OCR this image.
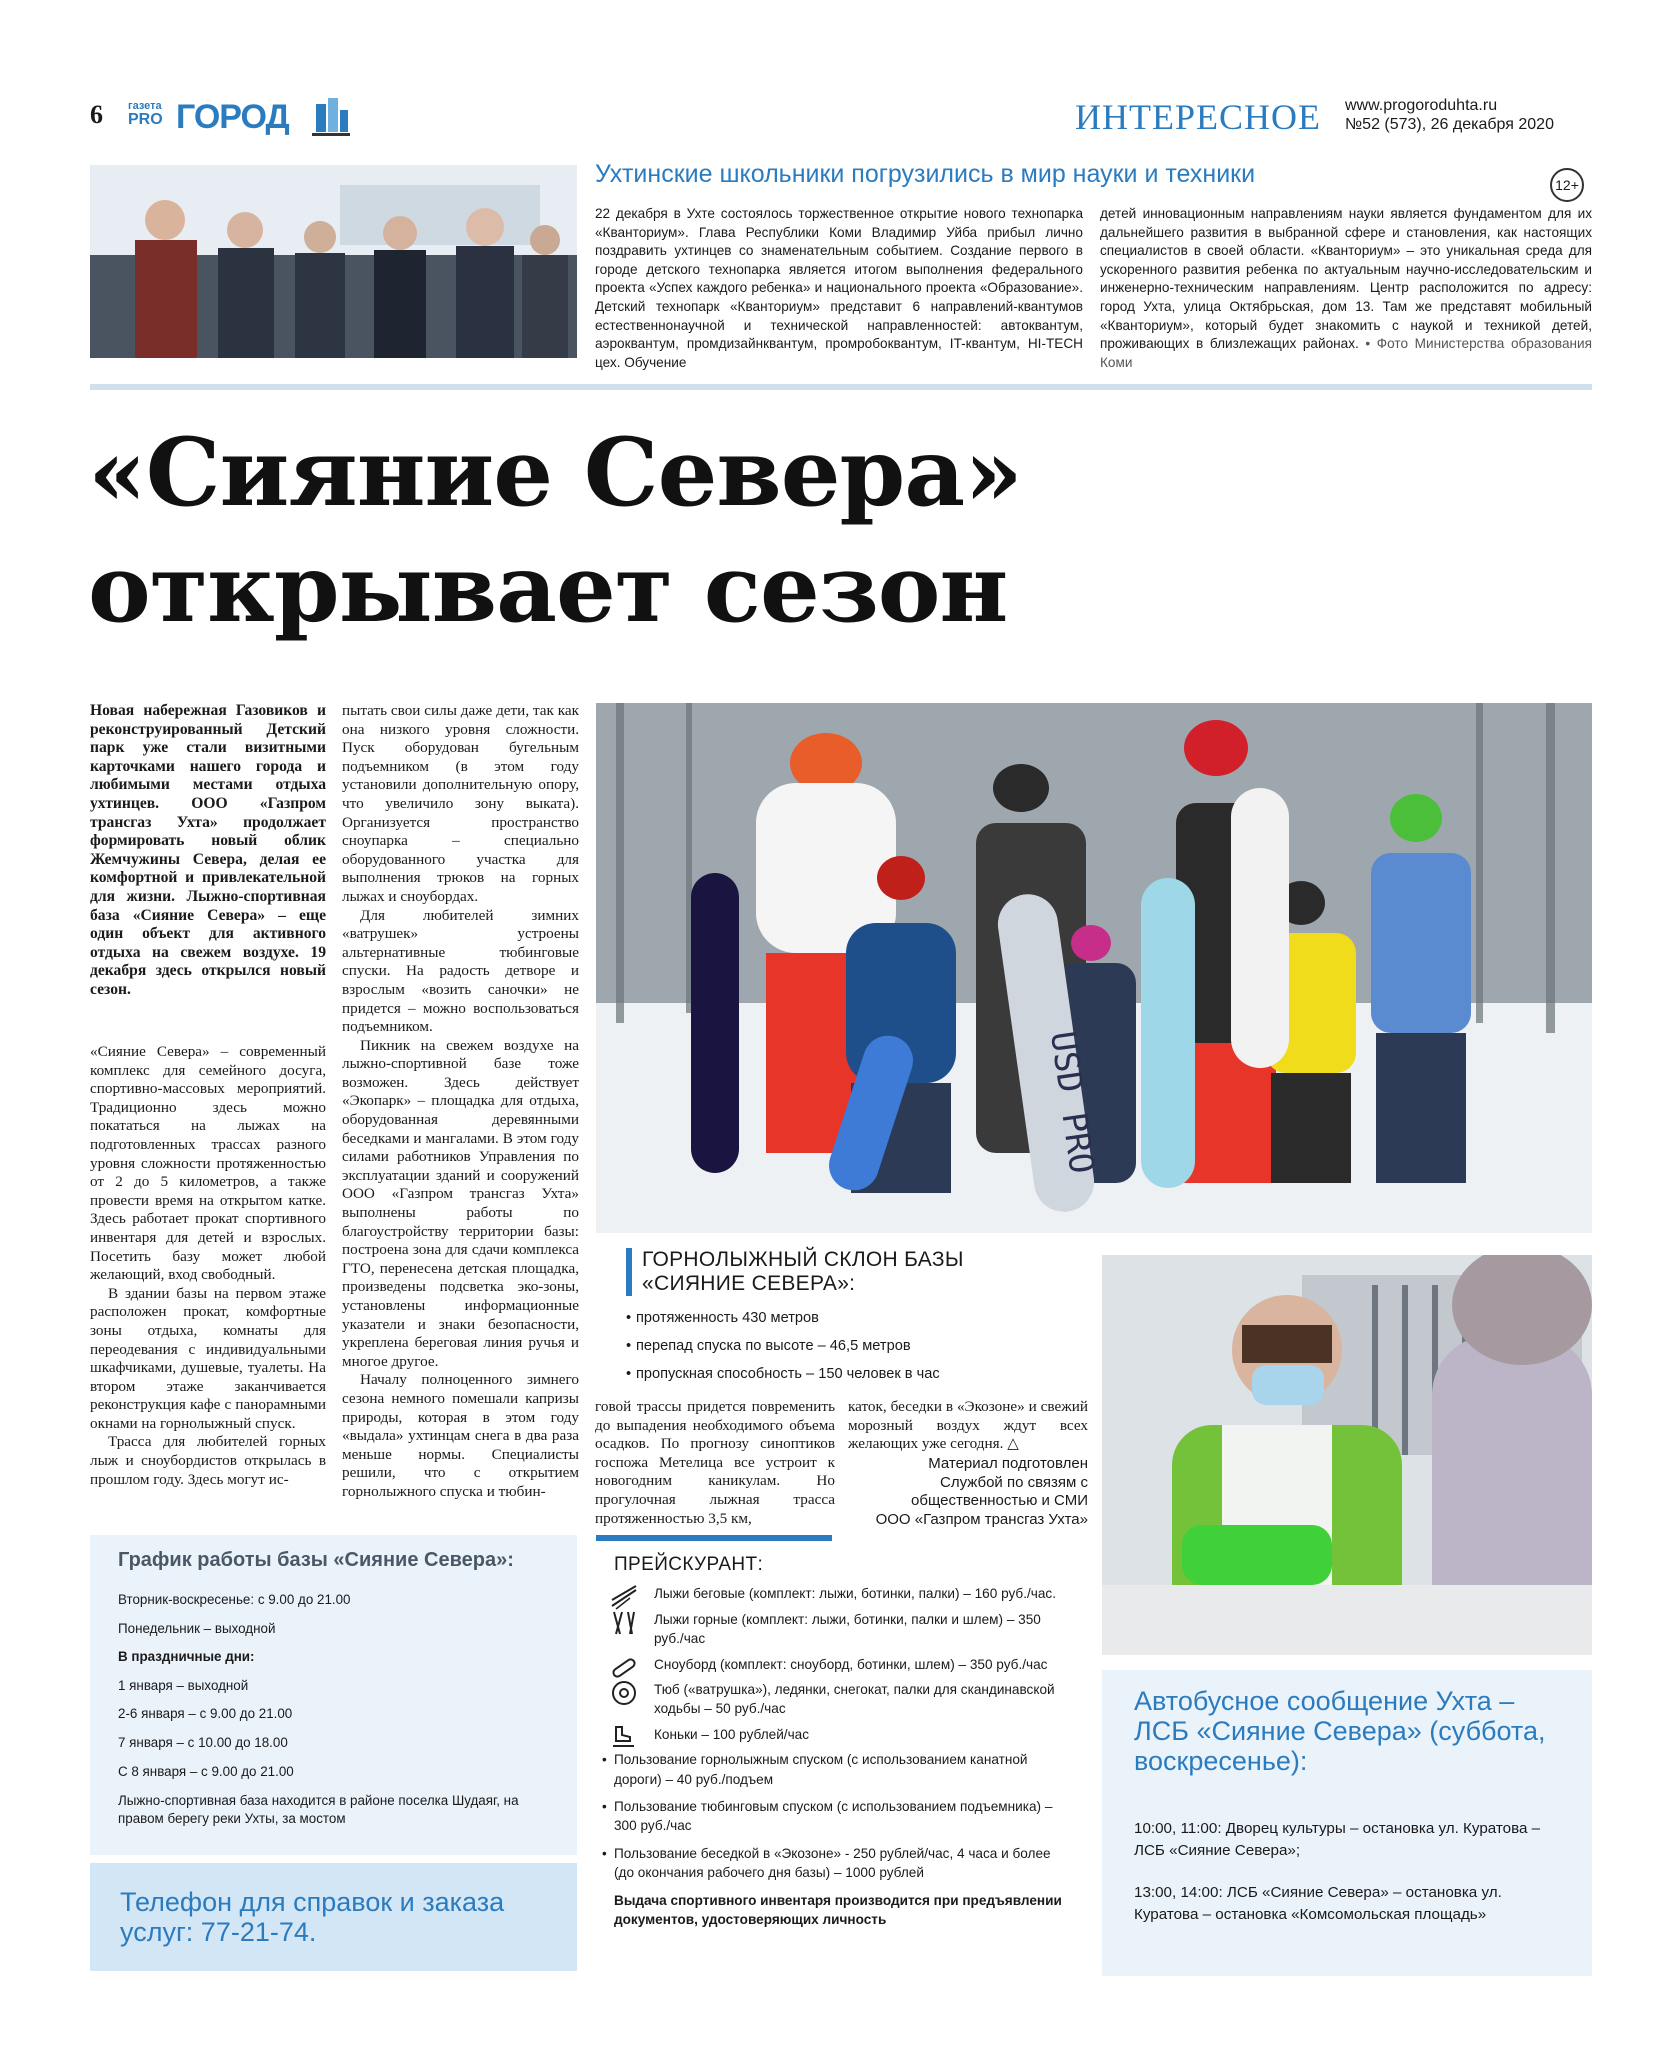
6 газета
PRO ГОРОД	ИНТЕРЕСНОЕ www.progoroduhta.ru
№52 (573), 26 декабря 2020
Ухтинские школьники погрузились в мир науки и техники	12+
22 декабря в Ухте состоялось торжественное открытие нового технопарка «Кванториум». Глава Республики Коми Владимир Уйба прибыл лично поздравить ухтинцев со знаменательным событием. Создание первого в городе детского технопарка является итогом выполнения федерального проекта «Успех каждого ребенка» и национального проекта «Образование». Детский технопарк «Кванториум» представит 6 направлений-квантумов естественнонаучной и технической направленностей: автоквантум, аэроквантум, промдизайнквантум, промробоквантум, IT-квантум, HI-TECH цех. Обучение
детей инновационным направлениям науки является фундаментом для их дальнейшего развития в выбранной сфере и становления, как настоящих специалистов в своей области. «Кванториум» – это уникальная среда для ускоренного развития ребенка по актуальным научно-исследовательским и инженерно-техническим направлениям. Центр расположится по адресу: город Ухта, улица Октябрьская, дом 13. Там же представят мобильный «Кванториум», который будет знакомить с наукой и техникой детей, проживающих в близлежащих районах. • Фото Министерства образования Коми
«Сияние Севера»
открывает сезон
Новая набережная Газовиков и реконструированный Детский парк уже стали визитными карточками нашего города и любимыми местами отдыха ухтинцев. ООО «Газпром трансгаз Ухта» продолжает формировать новый облик Жемчужины Севера, делая ее комфортной и привлекательной для жизни. Лыжно-спортивная база «Сияние Севера» – еще один объект для активного отдыха на свежем воздухе. 19 декабря здесь открылся новый сезон.

«Сияние Севера» – современный комплекс для семейного досуга, спортивно-массовых мероприятий. Традиционно здесь можно покататься на лыжах на подготовленных трассах разного уровня сложности протяженностью от 2 до 5 километров, а также провести время на открытом катке. Здесь работает прокат спортивного инвентаря для детей и взрослых. Посетить базу может любой желающий, вход свободный.

В здании базы на первом этаже расположен прокат, комфортные зоны отдыха, комнаты для переодевания с индивидуальными шкафчиками, душевые, туалеты. На втором этаже заканчивается реконструкция кафе с панорамными окнами на горнолыжный спуск.

Трасса для любителей горных лыж и сноубордистов открылась в прошлом году. Здесь могут ис-

пытать свои силы даже дети, так как она низкого уровня сложности. Пуск оборудован бугельным подъемником (в этом году установили дополнительную опору, что увеличило зону выката). Организуется пространство сноупарка – специально оборудованного участка для выполнения трюков на горных лыжах и сноубордах.

Для любителей зимних «ватрушек» устроены альтернативные тюбинговые спуски. На радость детворе и взрослым «возить саночки» не придется – можно воспользоваться подъемником.

Пикник на свежем воздухе на лыжно-спортивной базе тоже возможен. Здесь действует «Экопарк» – площадка для отдыха, оборудованная деревянными беседками и мангалами. В этом году силами работников Управления по эксплуатации зданий и сооружений ООО «Газпром трансгаз Ухта» выполнены работы по благоустройству территории базы: построена зона для сдачи комплекса ГТО, перенесена детская площадка, произведены подсветка эко-зоны, установлены информационные указатели и знаки безопасности, укреплена береговая линия ручья и многое другое.

Началу полноценного зимнего сезона немного помешали капризы природы, которая в этом году «выдала» ухтинцам снега в два раза меньше нормы. Специалисты решили, что с открытием горнолыжного спуска и тюбин-

говой трассы придется повременить до выпадения необходимого объема осадков. По прогнозу синоптиков госпожа Метелица все устроит к новогодним каникулам. Но прогулочная лыжная трасса протяженностью 3,5 км,

каток, беседки в «Экозоне» и свежий морозный воздух ждут всех желающих уже сегодня. △

Материал подготовлен
Службой по связям с
общественностью и СМИ
ООО «Газпром трансгаз Ухта»
USD PRO
ГОРНОЛЫЖНЫЙ СКЛОН БАЗЫ
«СИЯНИЕ СЕВЕРА»:
• протяженность 430 метров
• перепад спуска по высоте – 46,5 метров
• пропускная способность – 150 человек в час
График работы базы «Сияние Севера»:

Вторник-воскресенье: с 9.00 до 21.00

Понедельник – выходной

В праздничные дни:

1 января – выходной

2-6 января – с 9.00 до 21.00

7 января – с 10.00 до 18.00

С 8 января – с 9.00 до 21.00

Лыжно-спортивная база находится в районе поселка Шудаяг, на правом берегу реки Ухты, за мостом

Телефон для справок и заказа услуг: 77-21-74.
ПРЕЙСКУРАНТ:
Лыжи беговые (комплект: лыжи, ботинки, палки) – 160 руб./час.
Лыжи горные (комплект: лыжи, ботинки, палки и шлем) – 350 руб./час
Сноуборд (комплект: сноуборд, ботинки, шлем) – 350 руб./час
Тюб («ватрушка»), ледянки, снегокат, палки для скандинавской ходьбы – 50 руб./час
Коньки – 100 рублей/час
• Пользование горнолыжным спуском (с использованием канатной дороги) – 40 руб./подъем
• Пользование тюбинговым спуском (с использованием подъемника) – 300 руб./час
• Пользование беседкой в «Экозоне» - 250 рублей/час, 4 часа и более (до окончания рабочего дня базы) – 1000 рублей
Выдача спортивного инвентаря производится при предъявлении документов, удостоверяющих личность
Автобусное сообщение Ухта – ЛСБ «Сияние Севера» (суббота, воскресенье):

10:00, 11:00: Дворец культуры – остановка ул. Куратова – ЛСБ «Сияние Севера»;

13:00, 14:00: ЛСБ «Сияние Севера» – остановка ул. Куратова – остановка «Комсомольская площадь»
